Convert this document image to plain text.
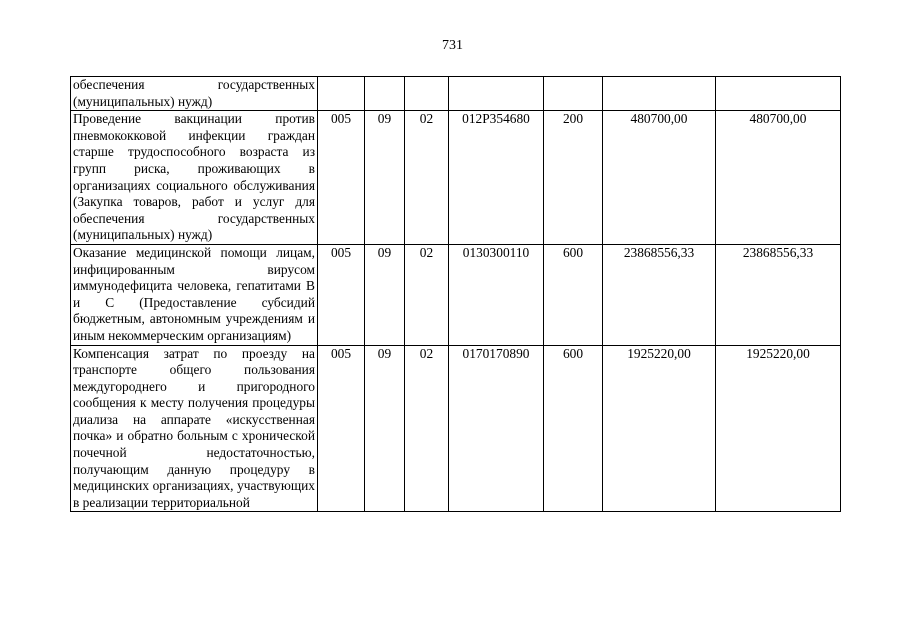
731
обеспечения государственных (муниципальных) нужд)							
Проведение вакцинации против пневмококковой инфекции граждан старше трудоспособного возраста из групп риска, проживающих в организациях социального обслуживания (Закупка товаров, работ и услуг для обеспечения государственных (муниципальных) нужд)	005	09	02	012P354680	200	480700,00	480700,00
Оказание медицинской помощи лицам, инфицированным вирусом иммунодефицита человека, гепатитами B и C (Предоставление субсидий бюджетным, автономным учреждениям и иным некоммерческим организациям)	005	09	02	0130300110	600	23868556,33	23868556,33
Компенсация затрат по проезду на транспорте общего пользования междугороднего и пригородного сообщения к месту получения процедуры диализа на аппарате «искусственная почка» и обратно больным с хронической почечной недостаточностью, получающим данную процедуру в медицинских организациях, участвующих в реализации территориальной	005	09	02	0170170890	600	1925220,00	1925220,00
